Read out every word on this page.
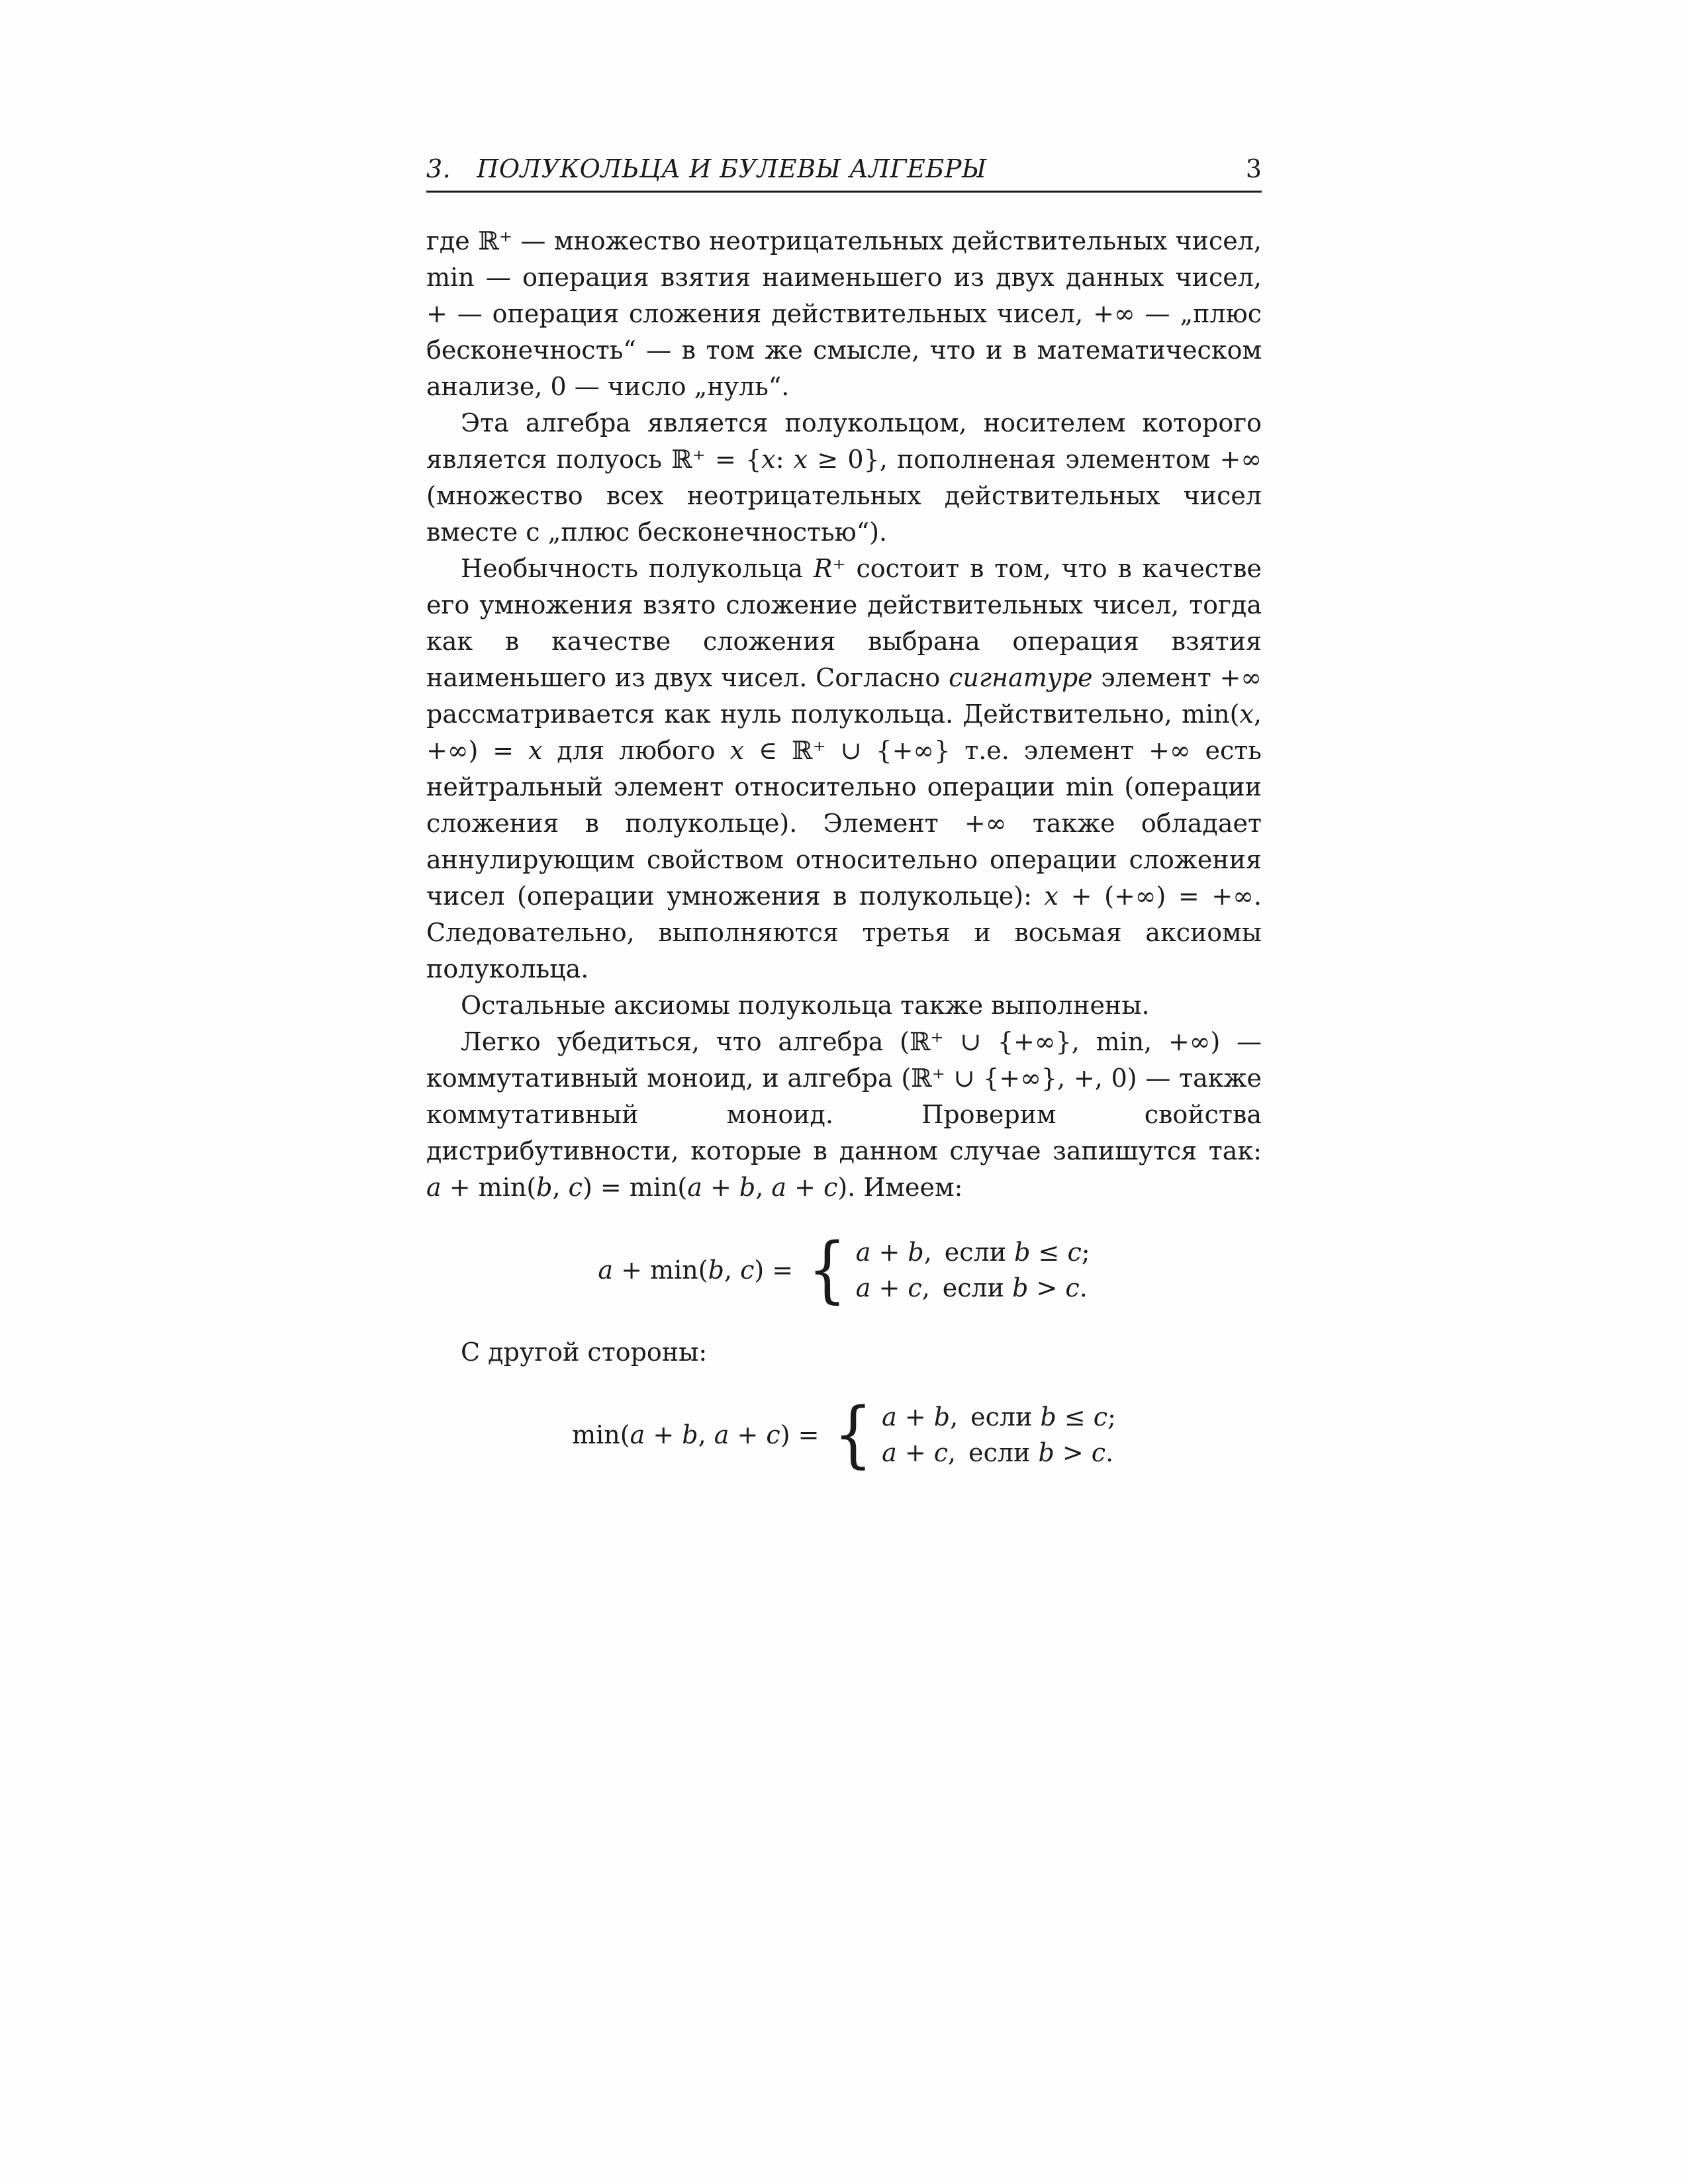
3.  ПОЛУКОЛЬЦА И БУЛЕВЫ АЛГЕБРЫ	3

где ℝ⁺ — множество неотрицательных действительных чисел, min — операция взятия наименьшего из двух данных чисел, + — операция сложения действительных чисел, +∞ — „плюс бесконечность“ — в том же смысле, что и в математическом анализе, 0 — число „нуль“.

Эта алгебра является полукольцом, носителем которого является полуось ℝ⁺ = {x: x ≥ 0}, пополненая элементом +∞ (множество всех неотрицательных действительных чисел вместе с „плюс бесконечностью“).

Необычность полукольца R⁺ состоит в том, что в качестве его умножения взято сложение действительных чисел, тогда как в качестве сложения выбрана операция взятия наименьшего из двух чисел. Согласно сигнатуре элемент +∞ рассматривается как нуль полукольца. Действительно, min(x, +∞) = x для любого x ∈ ℝ⁺ ∪ {+∞} т.е. элемент +∞ есть нейтральный элемент относительно операции min (операции сложения в полукольце). Элемент +∞ также обладает аннулирующим свойством относительно операции сложения чисел (операции умножения в полукольце): x + (+∞) = +∞. Следовательно, выполняются третья и восьмая аксиомы полукольца.

Остальные аксиомы полукольца также выполнены.

Легко убедиться, что алгебра (ℝ⁺ ∪ {+∞}, min, +∞) — коммутативный моноид, и алгебра (ℝ⁺ ∪ {+∞}, +, 0) — также коммутативный моноид. Проверим свойства дистрибутивности, которые в данном случае запишутся так: a + min(b, c) = min(a + b, a + c). Имеем:

a + min(b, c) = { a + b, если b ≤ c;
a + c, если b > c.

С другой стороны:

min(a + b, a + c) = { a + b, если b ≤ c;
a + c, если b > c.
